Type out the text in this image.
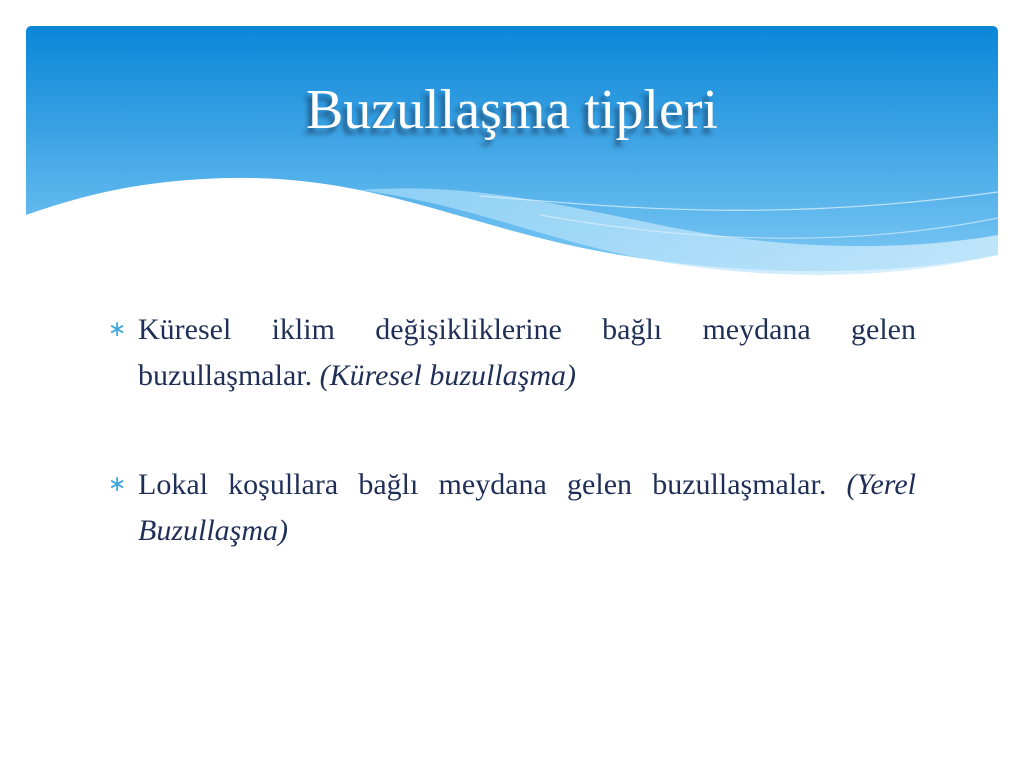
Buzullaşma tipleri
∗ Küresel iklim değişikliklerine bağlı meydana gelen buzullaşmalar. (Küresel buzullaşma)
∗ Lokal koşullara bağlı meydana gelen buzullaşmalar. (Yerel Buzullaşma)
